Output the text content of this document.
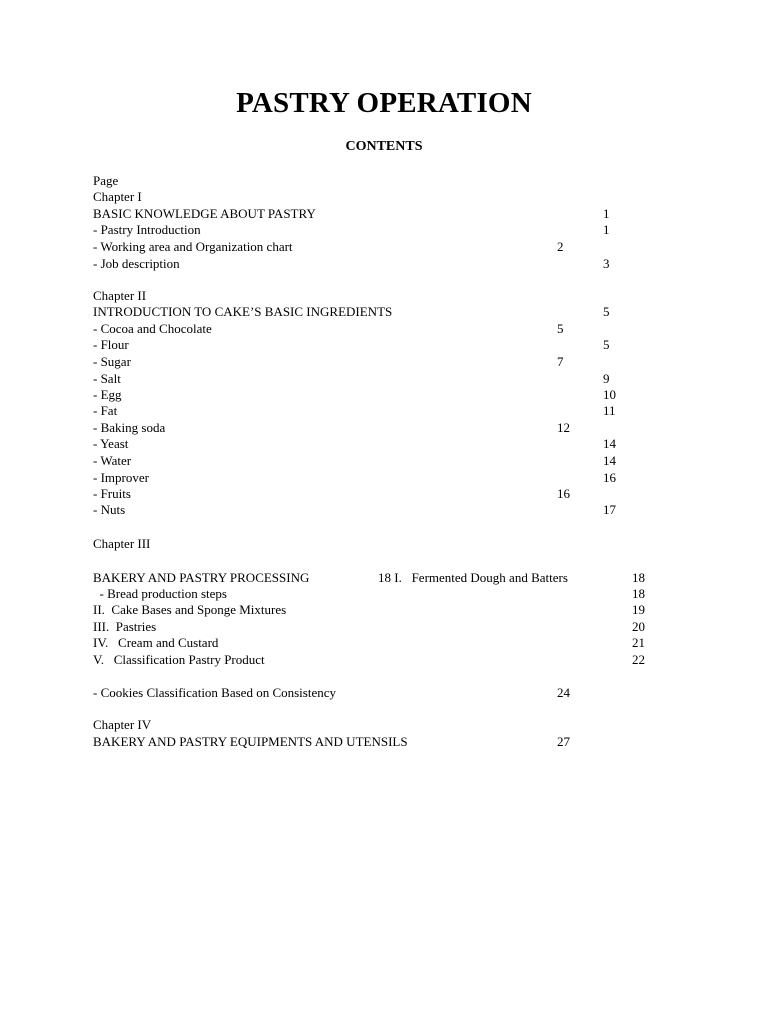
PASTRY OPERATION
CONTENTS
Page
Chapter I
BASIC KNOWLEDGE ABOUT PASTRY	1
- Pastry Introduction	1
- Working area and Organization chart	2
- Job description	3
Chapter II
INTRODUCTION TO CAKE’S BASIC INGREDIENTS	5
- Cocoa and Chocolate	5
- Flour	5
- Sugar	7
- Salt	9
- Egg	10
- Fat	11
- Baking soda	12
- Yeast	14
- Water	14
- Improver	16
- Fruits	16
- Nuts	17
Chapter III
BAKERY AND PASTRY PROCESSING	18 I.   Fermented Dough and Batters	18
- Bread production steps	18
II.  Cake Bases and Sponge Mixtures	19
III.  Pastries	20
IV.   Cream and Custard	21
V.   Classification Pastry Product	22
- Cookies Classification Based on Consistency	24
Chapter IV
BAKERY AND PASTRY EQUIPMENTS AND UTENSILS	27
